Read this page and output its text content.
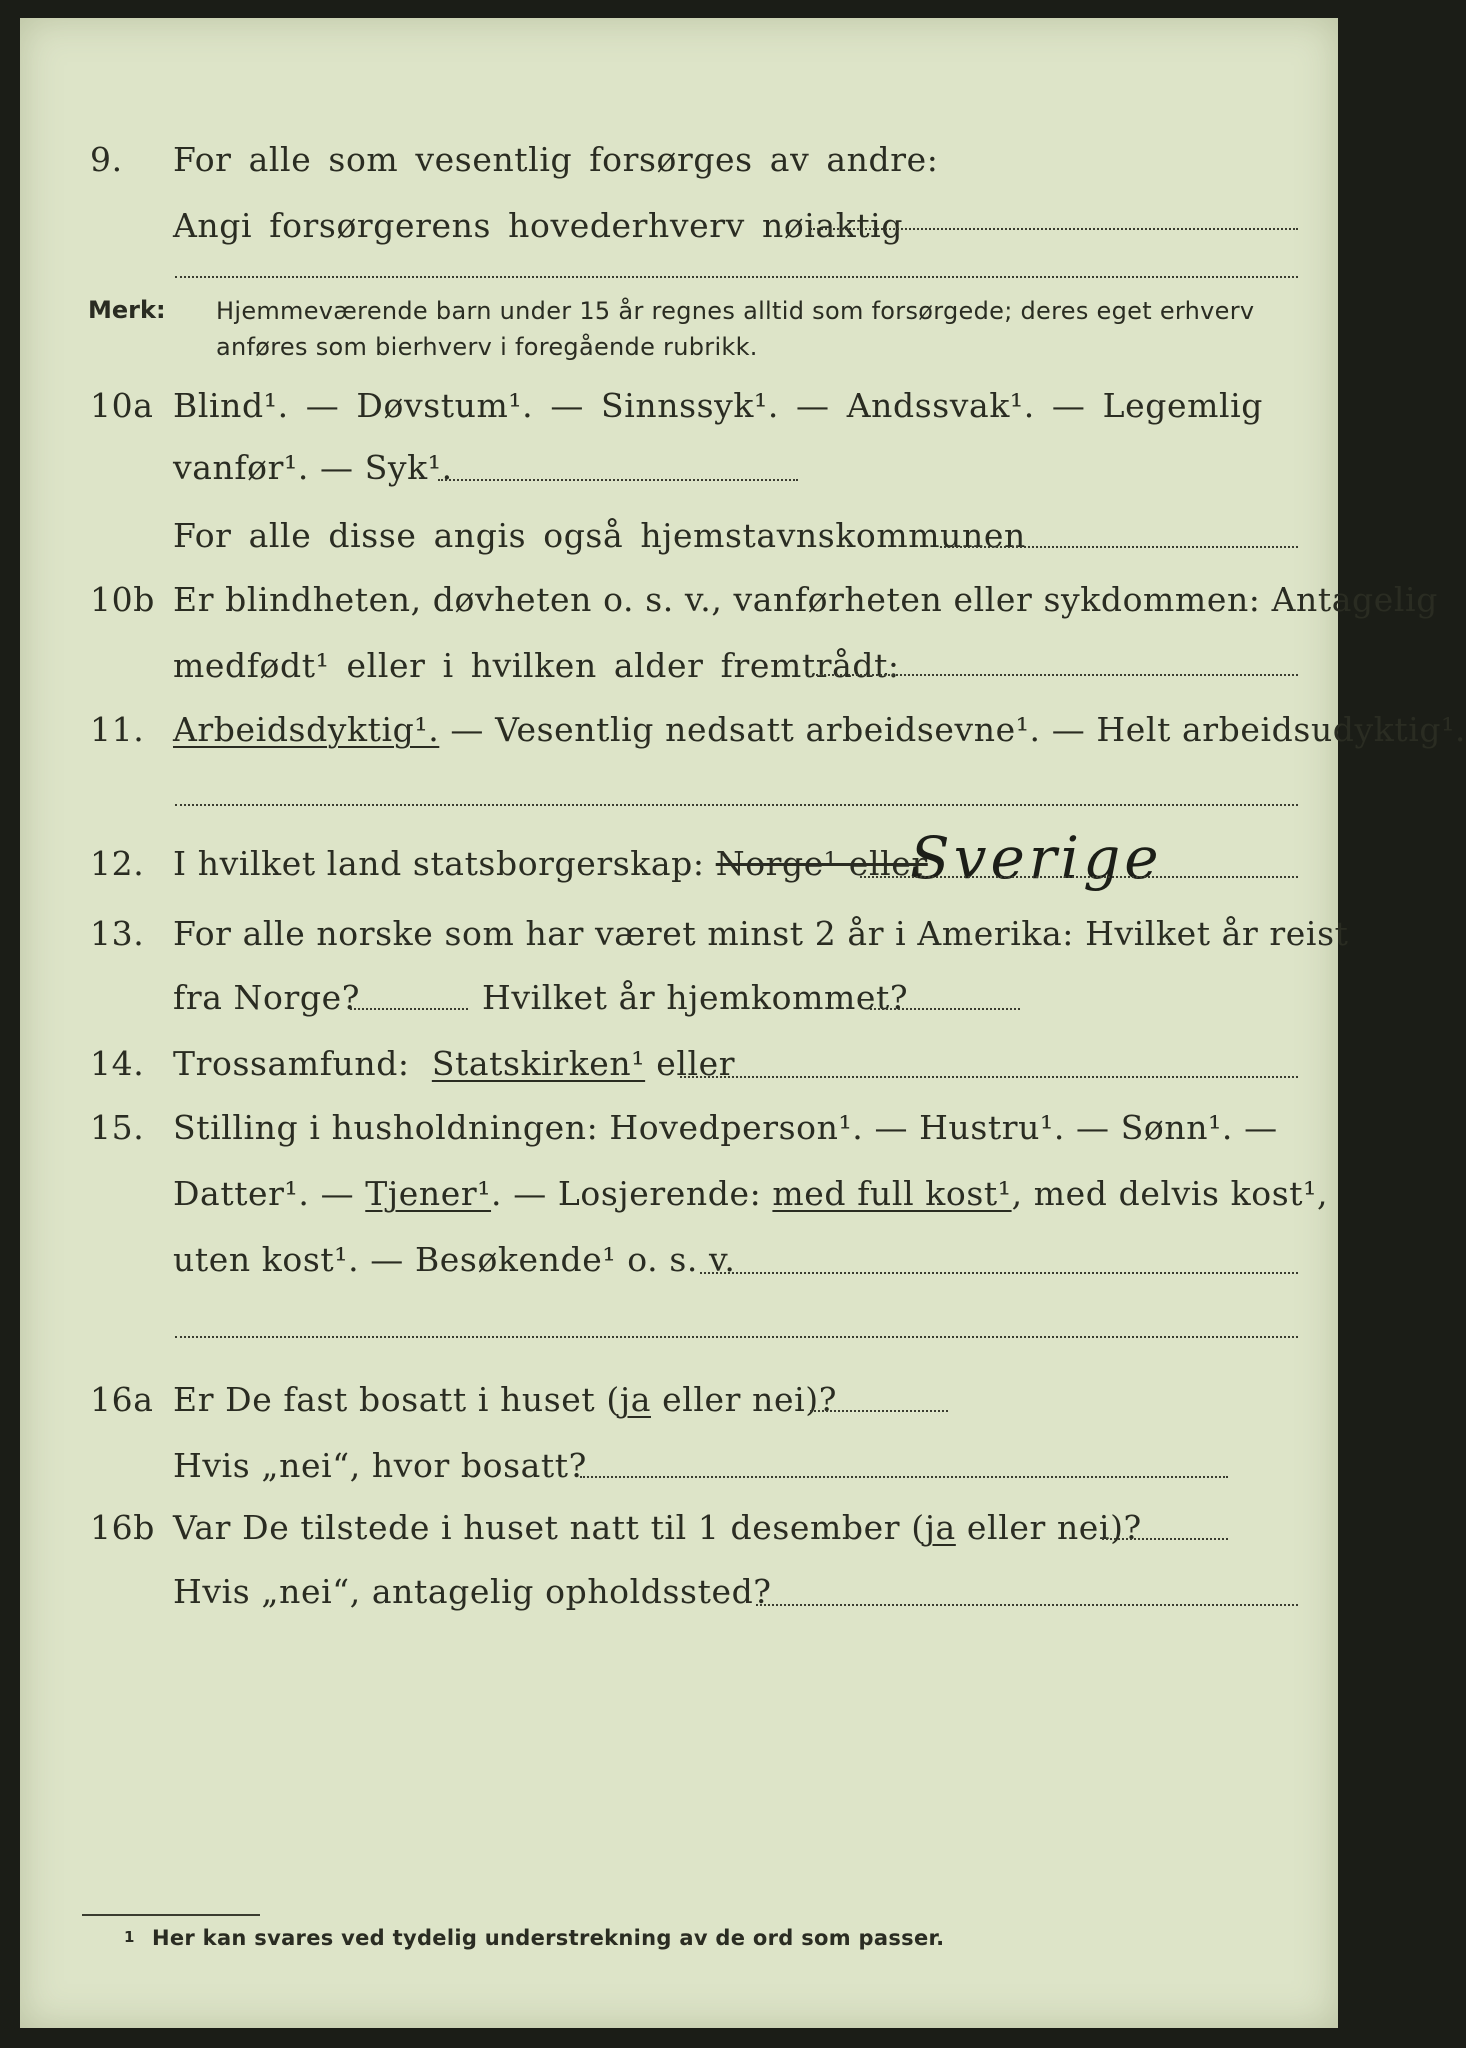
9. For alle som vesentlig forsørges av andre:
Angi forsørgerens hovederhverv nøiaktig
Merk: Hjemmeværende barn under 15 år regnes alltid som forsørgede; deres eget erhverv
anføres som bierhverv i foregående rubrikk.
10a Blind¹. — Døvstum¹. — Sinnssyk¹. — Andssvak¹. — Legemlig
vanfør¹. — Syk¹.
For alle disse angis også hjemstavnskommunen
10b Er blindheten, døvheten o. s. v., vanførheten eller sykdommen: Antagelig
medfødt¹ eller i hvilken alder fremtrådt:
11. Arbeidsdyktig¹. — Vesentlig nedsatt arbeidsevne¹. — Helt arbeidsudyktig¹.
12. I hvilket land statsborgerskap: Norge¹ eller
Sverige
13. For alle norske som har været minst 2 år i Amerika: Hvilket år reist
fra Norge?	Hvilket år hjemkommet?
14. Trossamfund: Statskirken¹ eller
15. Stilling i husholdningen: Hovedperson¹. — Hustru¹. — Sønn¹. —
Datter¹. — Tjener¹. — Losjerende: med full kost¹, med delvis kost¹,
uten kost¹. — Besøkende¹ o. s. v.
16a Er De fast bosatt i huset (ja eller nei)?
Hvis „nei“, hvor bosatt?
16b Var De tilstede i huset natt til 1 desember (ja eller nei)?
Hvis „nei“, antagelig opholdssted?
1 Her kan svares ved tydelig understrekning av de ord som passer.
